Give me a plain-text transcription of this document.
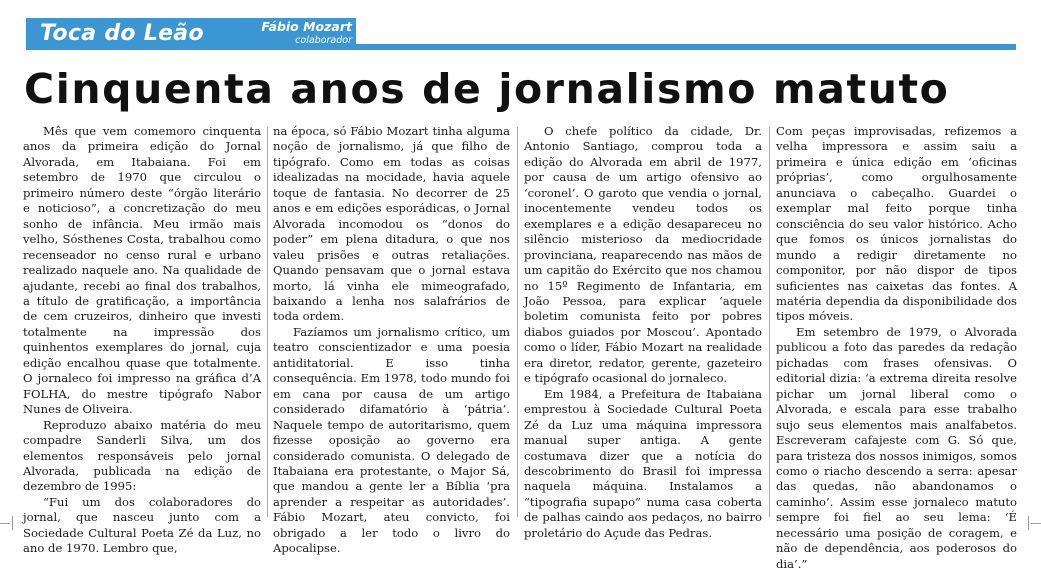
Toca do Leão	Fábio Mozart
colaborador
Cinquenta anos de jornalismo matuto

Mês que vem comemoro cinquenta anos da primeira edição do Jornal Alvorada, em Itabaiana. Foi em setembro de 1970 que circulou o primeiro número deste “órgão literário e noticioso”, a concretização do meu sonho de infância. Meu irmão mais velho, Sósthenes Costa, trabalhou como recenseador no censo rural e urbano realizado naquele ano. Na qualidade de ajudante, recebi ao final dos trabalhos, a título de gratificação, a importância de cem cruzeiros, dinheiro que investi totalmente na impressão dos quinhentos exemplares do jornal, cuja edição encalhou quase que totalmente. O jornaleco foi impresso na gráfica d’A FOLHA, do mestre tipógrafo Nabor Nunes de Oliveira.

Reproduzo abaixo matéria do meu compadre Sanderli Silva, um dos elementos responsáveis pelo jornal Alvorada, publicada na edição de dezembro de 1995:

“Fui um dos colaboradores do jornal, que nasceu junto com a Sociedade Cultural Poeta Zé da Luz, no ano de 1970. Lembro que,

na época, só Fábio Mozart tinha alguma noção de jornalismo, já que filho de tipógrafo. Como em todas as coisas idealizadas na mocidade, havia aquele toque de fantasia. No decorrer de 25 anos e em edições esporádicas, o Jornal Alvorada incomodou os “donos do poder” em plena ditadura, o que nos valeu prisões e outras retaliações. Quando pensavam que o jornal estava morto, lá vinha ele mimeografado, baixando a lenha nos salafrários de toda ordem.

Fazíamos um jornalismo crítico, um teatro conscientizador e uma poesia antiditatorial. E isso tinha consequência. Em 1978, todo mundo foi em cana por causa de um artigo considerado difamatório à ‘pátria’. Naquele tempo de autoritarismo, quem fizesse oposição ao governo era considerado comunista. O delegado de Itabaiana era protestante, o Major Sá, que mandou a gente ler a Bíblia ‘pra aprender a respeitar as autoridades’. Fábio Mozart, ateu convicto, foi obrigado a ler todo o livro do Apocalipse.

O chefe político da cidade, Dr. Antonio Santiago, comprou toda a edição do Alvorada em abril de 1977, por causa de um artigo ofensivo ao ‘coronel’. O garoto que vendia o jornal, inocentemente vendeu todos os exemplares e a edição desapareceu no silêncio misterioso da mediocridade provinciana, reaparecendo nas mãos de um capitão do Exército que nos chamou no 15º Regimento de Infantaria, em João Pessoa, para explicar ‘aquele boletim comunista feito por pobres diabos guiados por Moscou’. Apontado como o líder, Fábio Mozart na realidade era diretor, redator, gerente, gazeteiro e tipógrafo ocasional do jornaleco.

Em 1984, a Prefeitura de Itabaiana emprestou à Sociedade Cultural Poeta Zé da Luz uma máquina impressora manual super antiga. A gente costumava dizer que a notícia do descobrimento do Brasil foi impressa naquela máquina. Instalamos a “tipografia supapo” numa casa coberta de palhas caindo aos pedaços, no bairro proletário do Açude das Pedras.

Com peças improvisadas, refizemos a velha impressora e assim saiu a primeira e única edição em ‘oficinas próprias’, como orgulhosamente anunciava o cabeçalho. Guardei o exemplar mal feito porque tinha consciência do seu valor histórico. Acho que fomos os únicos jornalistas do mundo a redigir diretamente no componitor, por não dispor de tipos suficientes nas caixetas das fontes. A matéria dependia da disponibilidade dos tipos móveis.

Em setembro de 1979, o Alvorada publicou a foto das paredes da redação pichadas com frases ofensivas. O editorial dizia: ‘a extrema direita resolve pichar um jornal liberal como o Alvorada, e escala para esse trabalho sujo seus elementos mais analfabetos. Escreveram cafajeste com G. Só que, para tristeza dos nossos inimigos, somos como o riacho descendo a serra: apesar das quedas, não abandonamos o caminho’. Assim esse jornaleco matuto sempre foi fiel ao seu lema: ‘É necessário uma posição de coragem, e não de dependência, aos poderosos do dia’.”
